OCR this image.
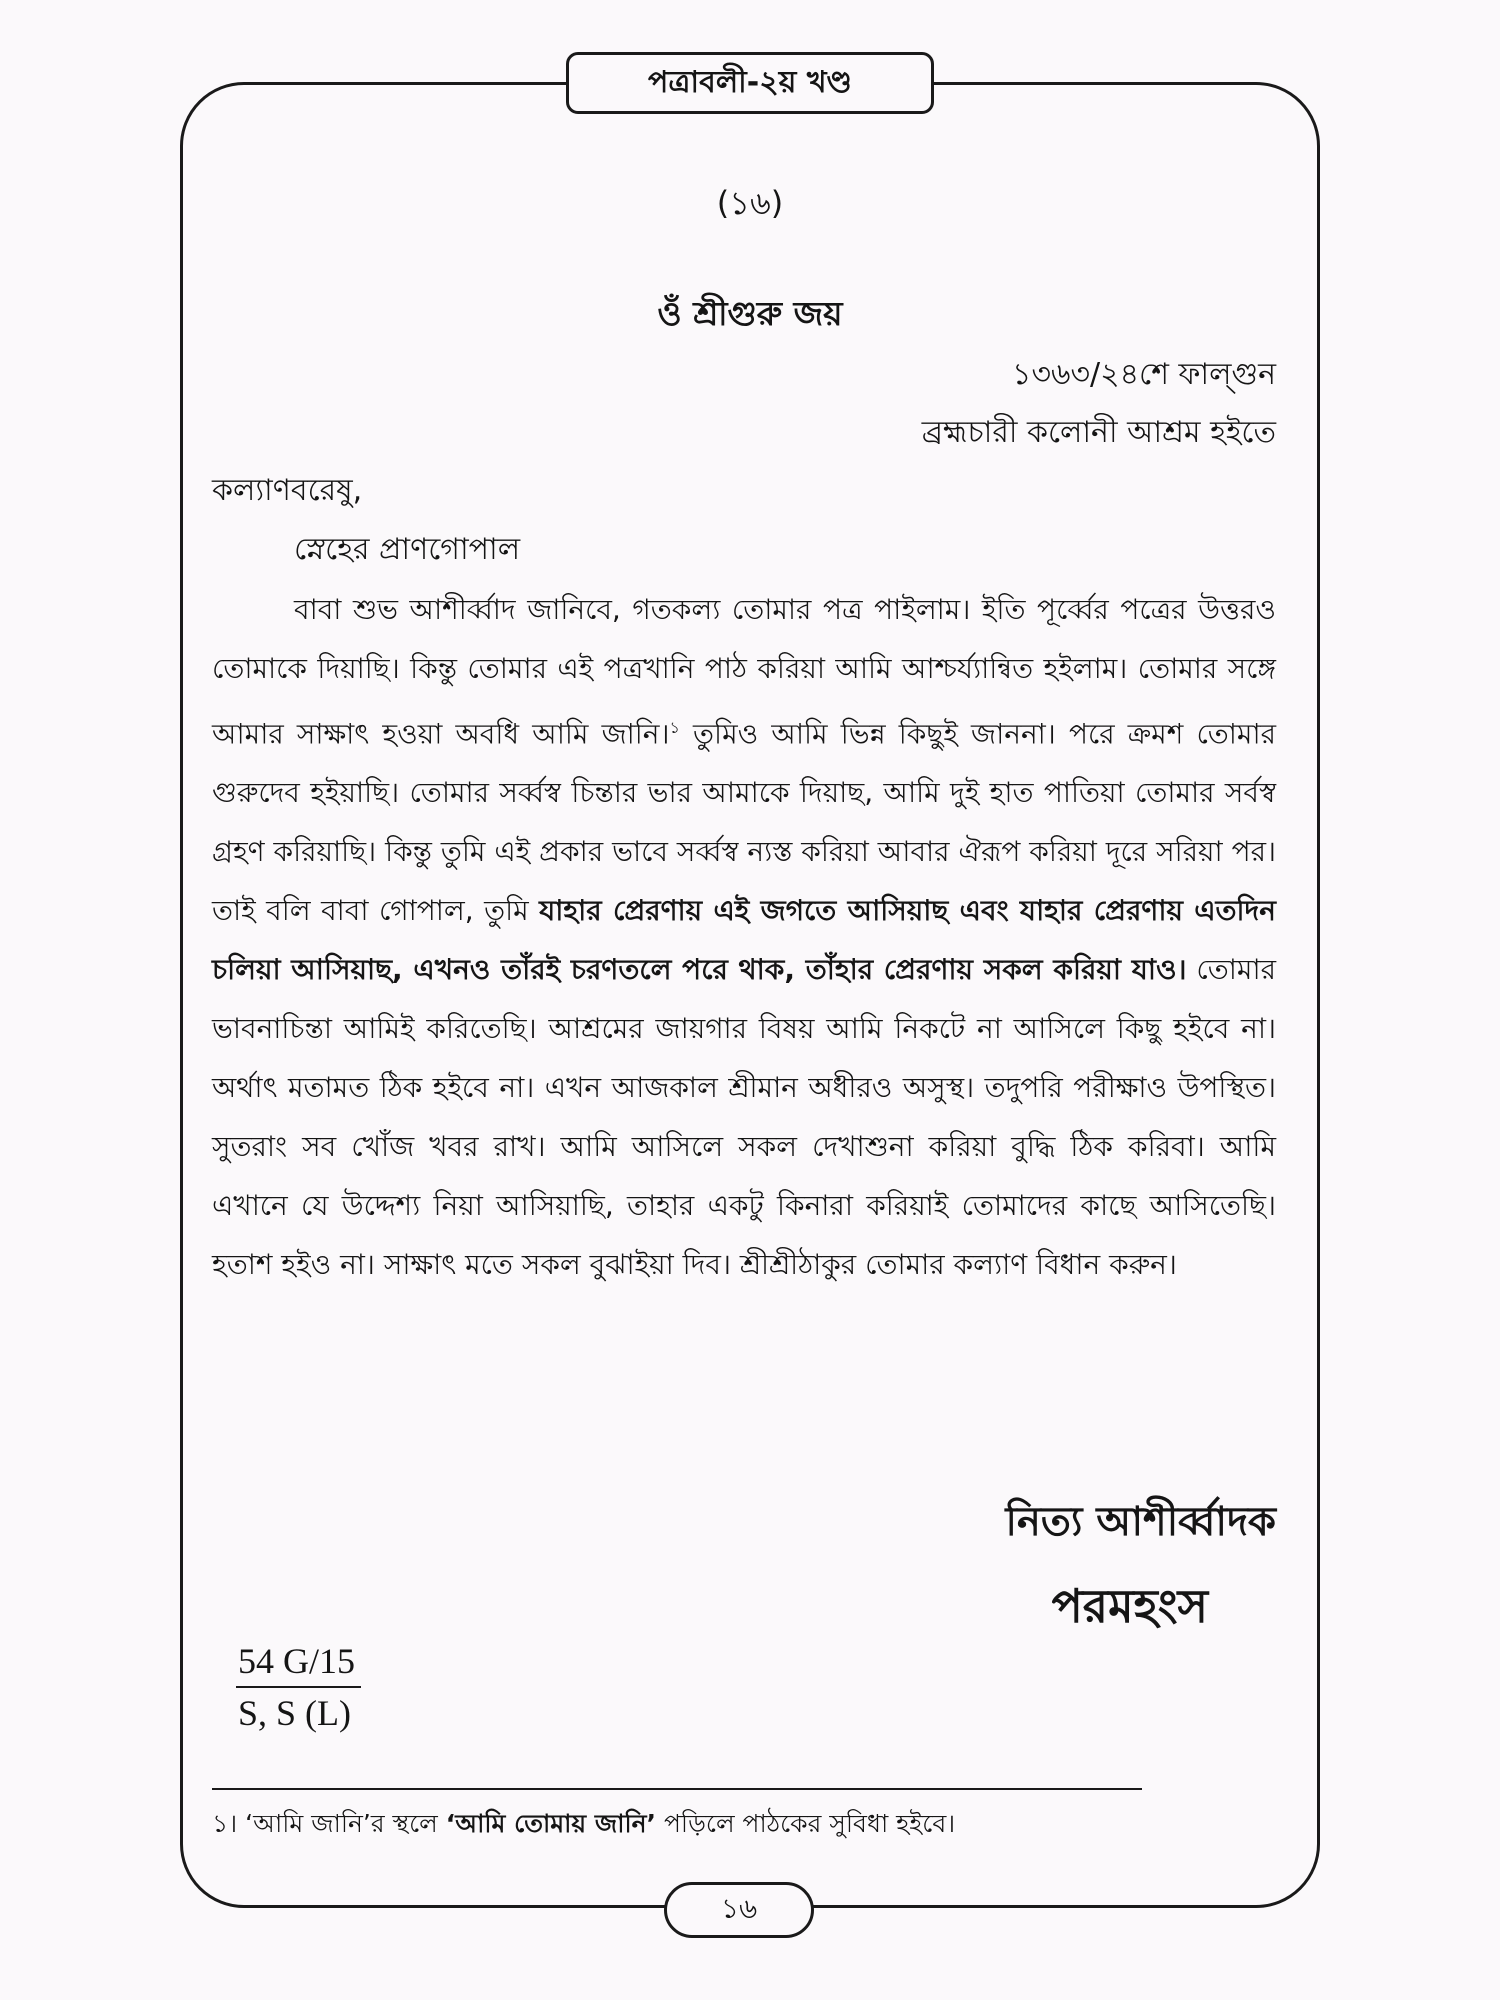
পত্রাবলী-২য় খণ্ড
(১৬)
ওঁ শ্রীগুরু জয়
১৩৬৩/২৪শে ফাল্গুন
ব্রহ্মচারী কলোনী আশ্রম হইতে
কল্যাণবরেষু,
স্নেহের প্রাণগোপাল
বাবা শুভ আশীর্ব্বাদ জানিবে, গতকল্য তোমার পত্র পাইলাম। ইতি পূর্ব্বের পত্রের উত্তরও তোমাকে দিয়াছি। কিন্তু তোমার এই পত্রখানি পাঠ করিয়া আমি আশ্চর্য্যান্বিত হইলাম। তোমার সঙ্গে আমার সাক্ষাৎ হওয়া অবধি আমি জানি।$^১$ তুমিও আমি ভিন্ন কিছুই জাননা। পরে ক্রমশ তোমার গুরুদেব হইয়াছি। তোমার সর্ব্বস্ব চিন্তার ভার আমাকে দিয়াছ, আমি দুই হাত পাতিয়া তোমার সর্বস্ব গ্রহণ করিয়াছি। কিন্তু তুমি এই প্রকার ভাবে সর্ব্বস্ব ন্যস্ত করিয়া আবার ঐরূপ করিয়া দূরে সরিয়া পর। তাই বলি বাবা গোপাল, তুমি যাহার প্রেরণায় এই জগতে আসিয়াছ এবং যাহার প্রেরণায় এতদিন চলিয়া আসিয়াছ, এখনও তাঁরই চরণতলে পরে থাক, তাঁহার প্রেরণায় সকল করিয়া যাও। তোমার ভাবনাচিন্তা আমিই করিতেছি। আশ্রমের জায়গার বিষয় আমি নিকটে না আসিলে কিছু হইবে না। অর্থাৎ মতামত ঠিক হইবে না। এখন আজকাল শ্রীমান অধীরও অসুস্থ। তদুপরি পরীক্ষাও উপস্থিত। সুতরাং সব খোঁজ খবর রাখ। আমি আসিলে সকল দেখাশুনা করিয়া বুদ্ধি ঠিক করিবা। আমি এখানে যে উদ্দেশ্য নিয়া আসিয়াছি, তাহার একটু কিনারা করিয়াই তোমাদের কাছে আসিতেছি। হতাশ হইও না। সাক্ষাৎ মতে সকল বুঝাইয়া দিব। শ্রীশ্রীঠাকুর তোমার কল্যাণ বিধান করুন।
নিত্য আশীর্ব্বাদক
পরমহংস
$\frac{54 G/15}{S, S (L)}$
১। ‘আমি জানি’র স্থলে ‘আমি তোমায় জানি’ পড়িলে পাঠকের সুবিধা হইবে।
১৬
